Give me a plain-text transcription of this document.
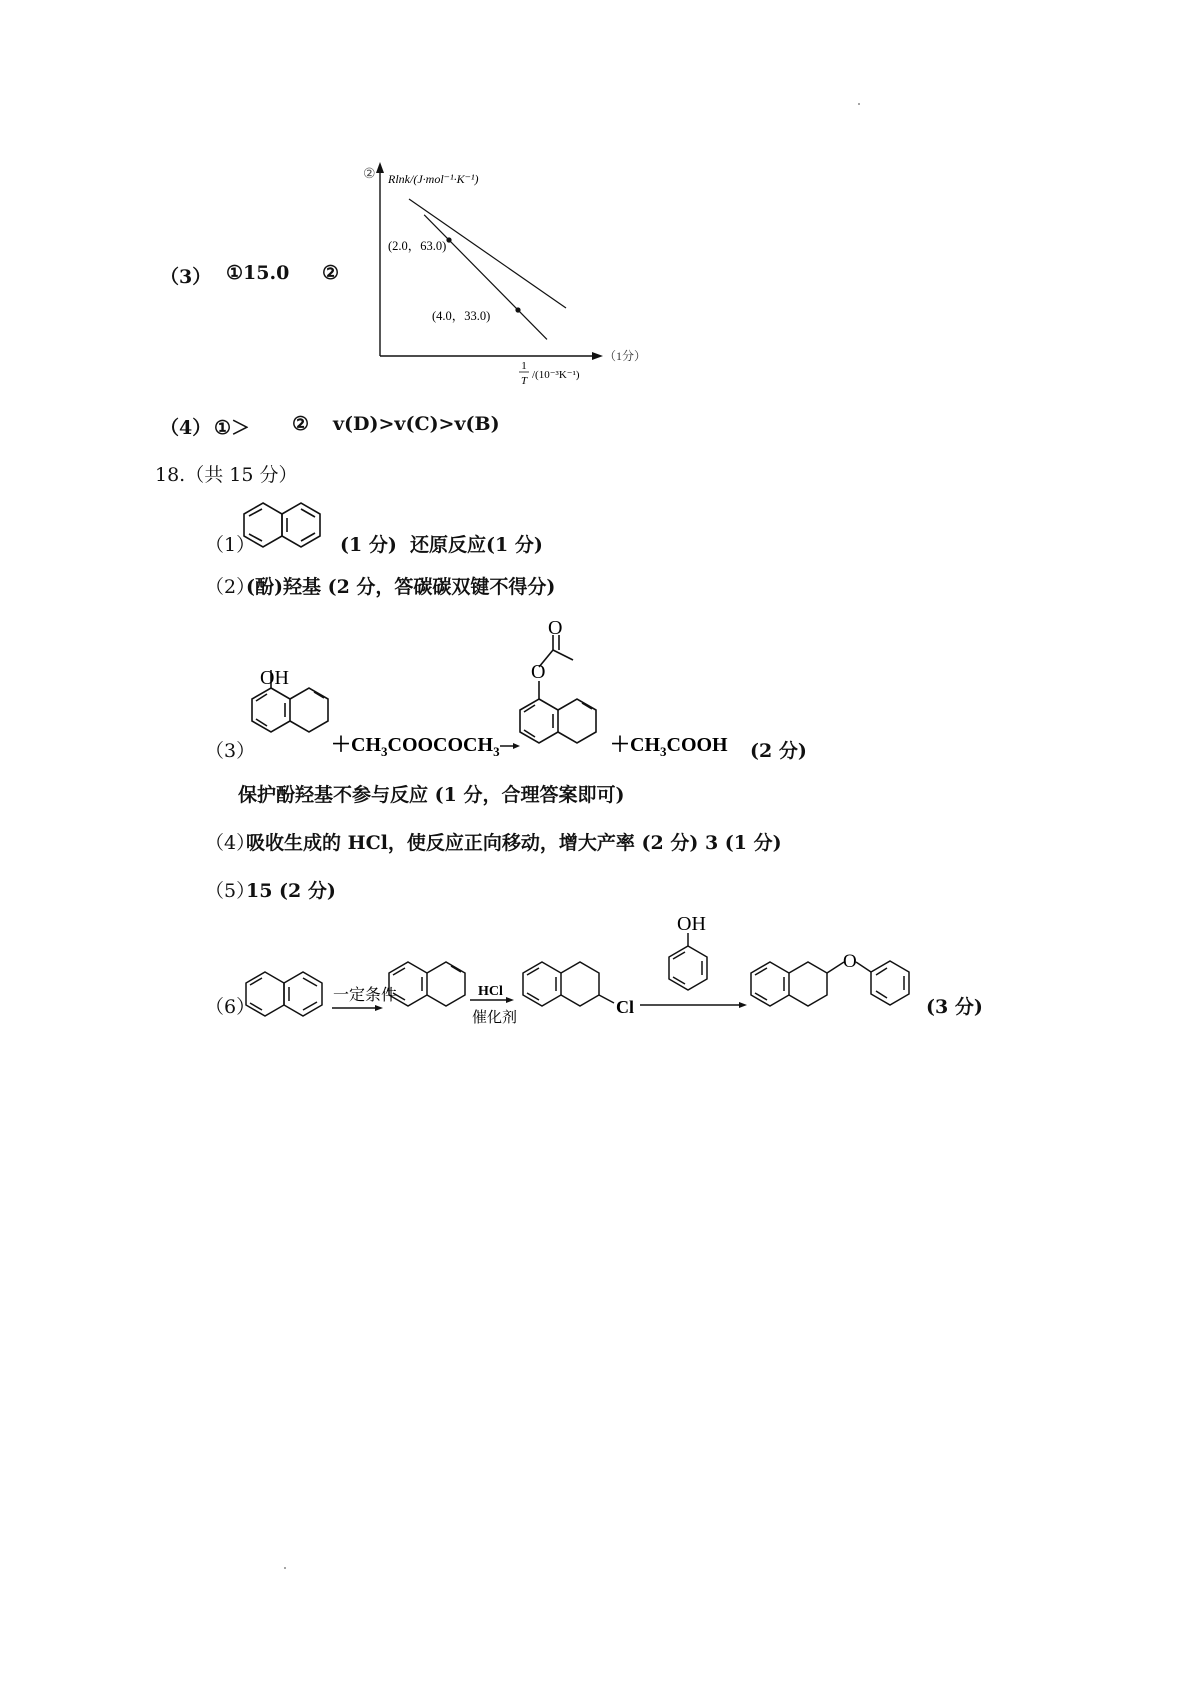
（3） ①15.0 ②
② Rlnk/(J·mol⁻¹·K⁻¹)
（1分）
(2.0，63.0)
(4.0，33.0)
1
T /(10⁻³K⁻¹)
（4） ①＞ ② v(D)>v(C)>v(B)
18.（共 15 分）
（1）	(1 分) 还原反应(1 分)
（2）
(酚)羟基 (2 分，答碳碳双键不得分)
（3）
OH	O
O
$+CH_3COOCOCH_3$	$+CH_3COOH$ (2 分)
保护酚羟基不参与反应 (1 分，合理答案即可)
（4）
吸收生成的 HCl，使反应正向移动，增大产率 (2 分) 3 (1 分)
（5）
15 (2 分)
（6）
一定条件	HCl
催化剂
Cl
OH
O
(3 分)
